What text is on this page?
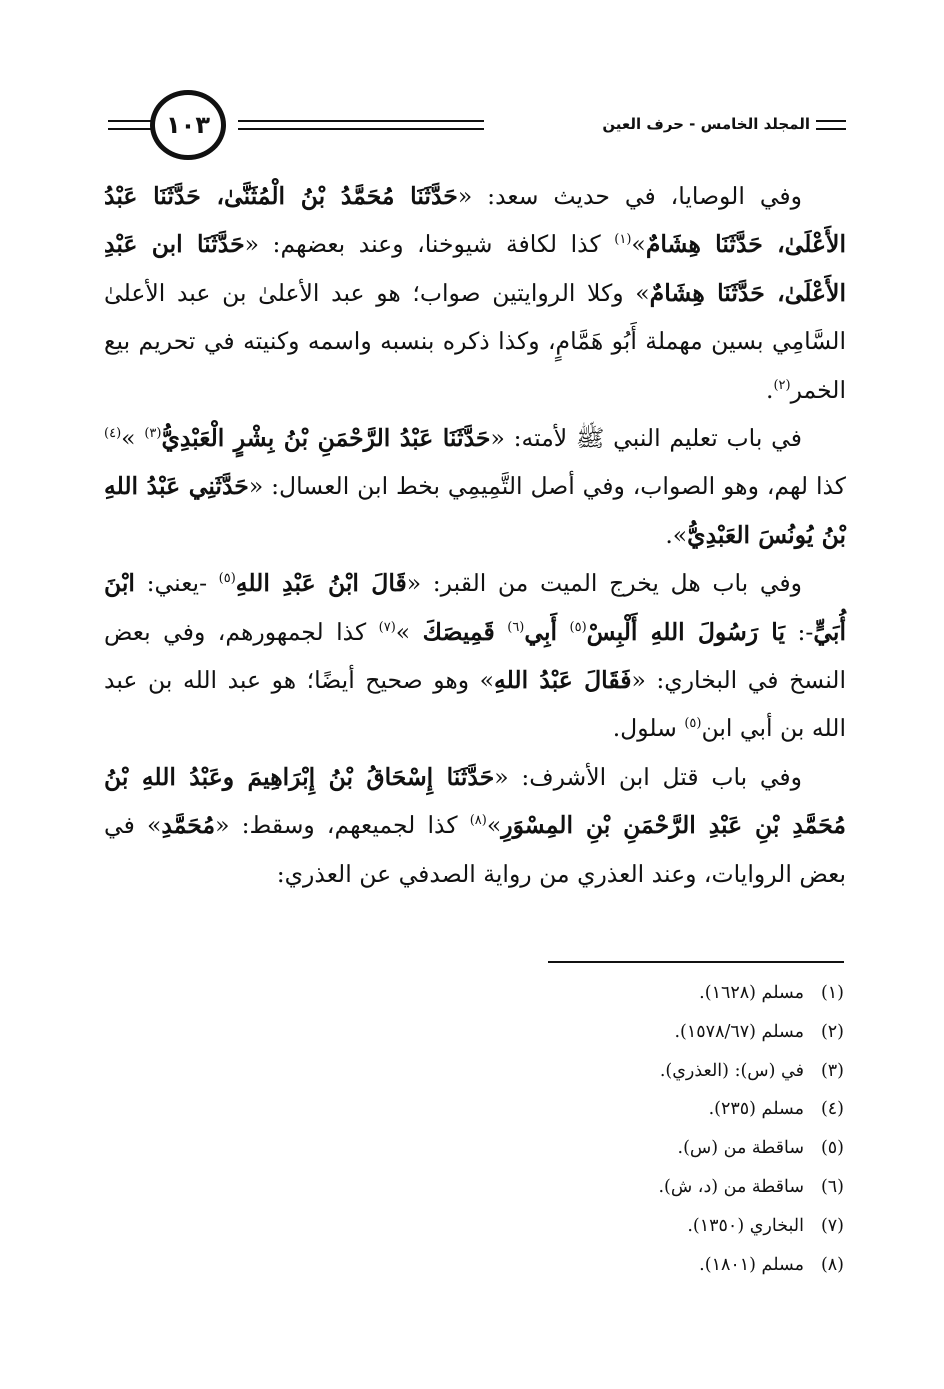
المجلد الخامس - حرف العين
١٠٣

وفي الوصايا، في حديث سعد: «حَدَّثَنَا مُحَمَّدُ بْنُ الْمُثَنَّىٰ، حَدَّثَنَا عَبْدُ الأَعْلَىٰ، حَدَّثَنَا هِشَامٌ»$^{(١)}$ كذا لكافة شيوخنا، وعند بعضهم: «حَدَّثَنَا ابن عَبْدِ الأَعْلَىٰ، حَدَّثَنَا هِشَامٌ» وكلا الروايتين صواب؛ هو عبد الأعلىٰ بن عبد الأعلىٰ السَّامِي بسين مهملة أَبُو هَمَّامٍ، وكذا ذكره بنسبه واسمه وكنيته في تحريم بيع الخمر$^{(٢)}$.

في باب تعليم النبي ﷺ لأمته: «حَدَّثَنَا عَبْدُ الرَّحْمَنِ بْنُ بِشْرٍ الْعَبْدِيُّ$^{(٣)}$ »$^{(٤)}$ كذا لهم، وهو الصواب، وفي أصل التَّمِيمِي بخط ابن العسال: «حَدَّثَنِي عَبْدُ اللهِ بْنُ يُونُسَ العَبْدِيُّ».

وفي باب هل يخرج الميت من القبر: «قَالَ ابْنُ عَبْدِ اللهِ$^{(٥)}$ -يعني: ابْنَ أُبَيٍّ-: يَا رَسُولَ اللهِ أَلْبِسْ$^{(٥)}$ أَبِي$^{(٦)}$ قَمِيصَكَ »$^{(٧)}$ كذا لجمهورهم، وفي بعض النسخ في البخاري: «فَقَالَ عَبْدُ اللهِ» وهو صحيح أيضًا؛ هو عبد الله بن عبد الله بن أبي ابن$^{(٥)}$ سلول.

وفي باب قتل ابن الأشرف: «حَدَّثَنَا إِسْحَاقُ بْنُ إِبْرَاهِيمَ وعَبْدُ اللهِ بْنُ مُحَمَّدِ بْنِ عَبْدِ الرَّحْمَنِ بْنِ المِسْوَرِ»$^{(٨)}$ كذا لجميعهم، وسقط: «مُحَمَّدِ» في بعض الروايات، وعند العذري من رواية الصدفي عن العذري:

(١)مسلم (١٦٢٨).
(٢)مسلم (١٥٧٨/٦٧).
(٣)في (س): (العذري).
(٤)مسلم (٢٣٥).
(٥)ساقطة من (س).
(٦)ساقطة من (د، ش).
(٧)البخاري (١٣٥٠).
(٨)مسلم (١٨٠١).
